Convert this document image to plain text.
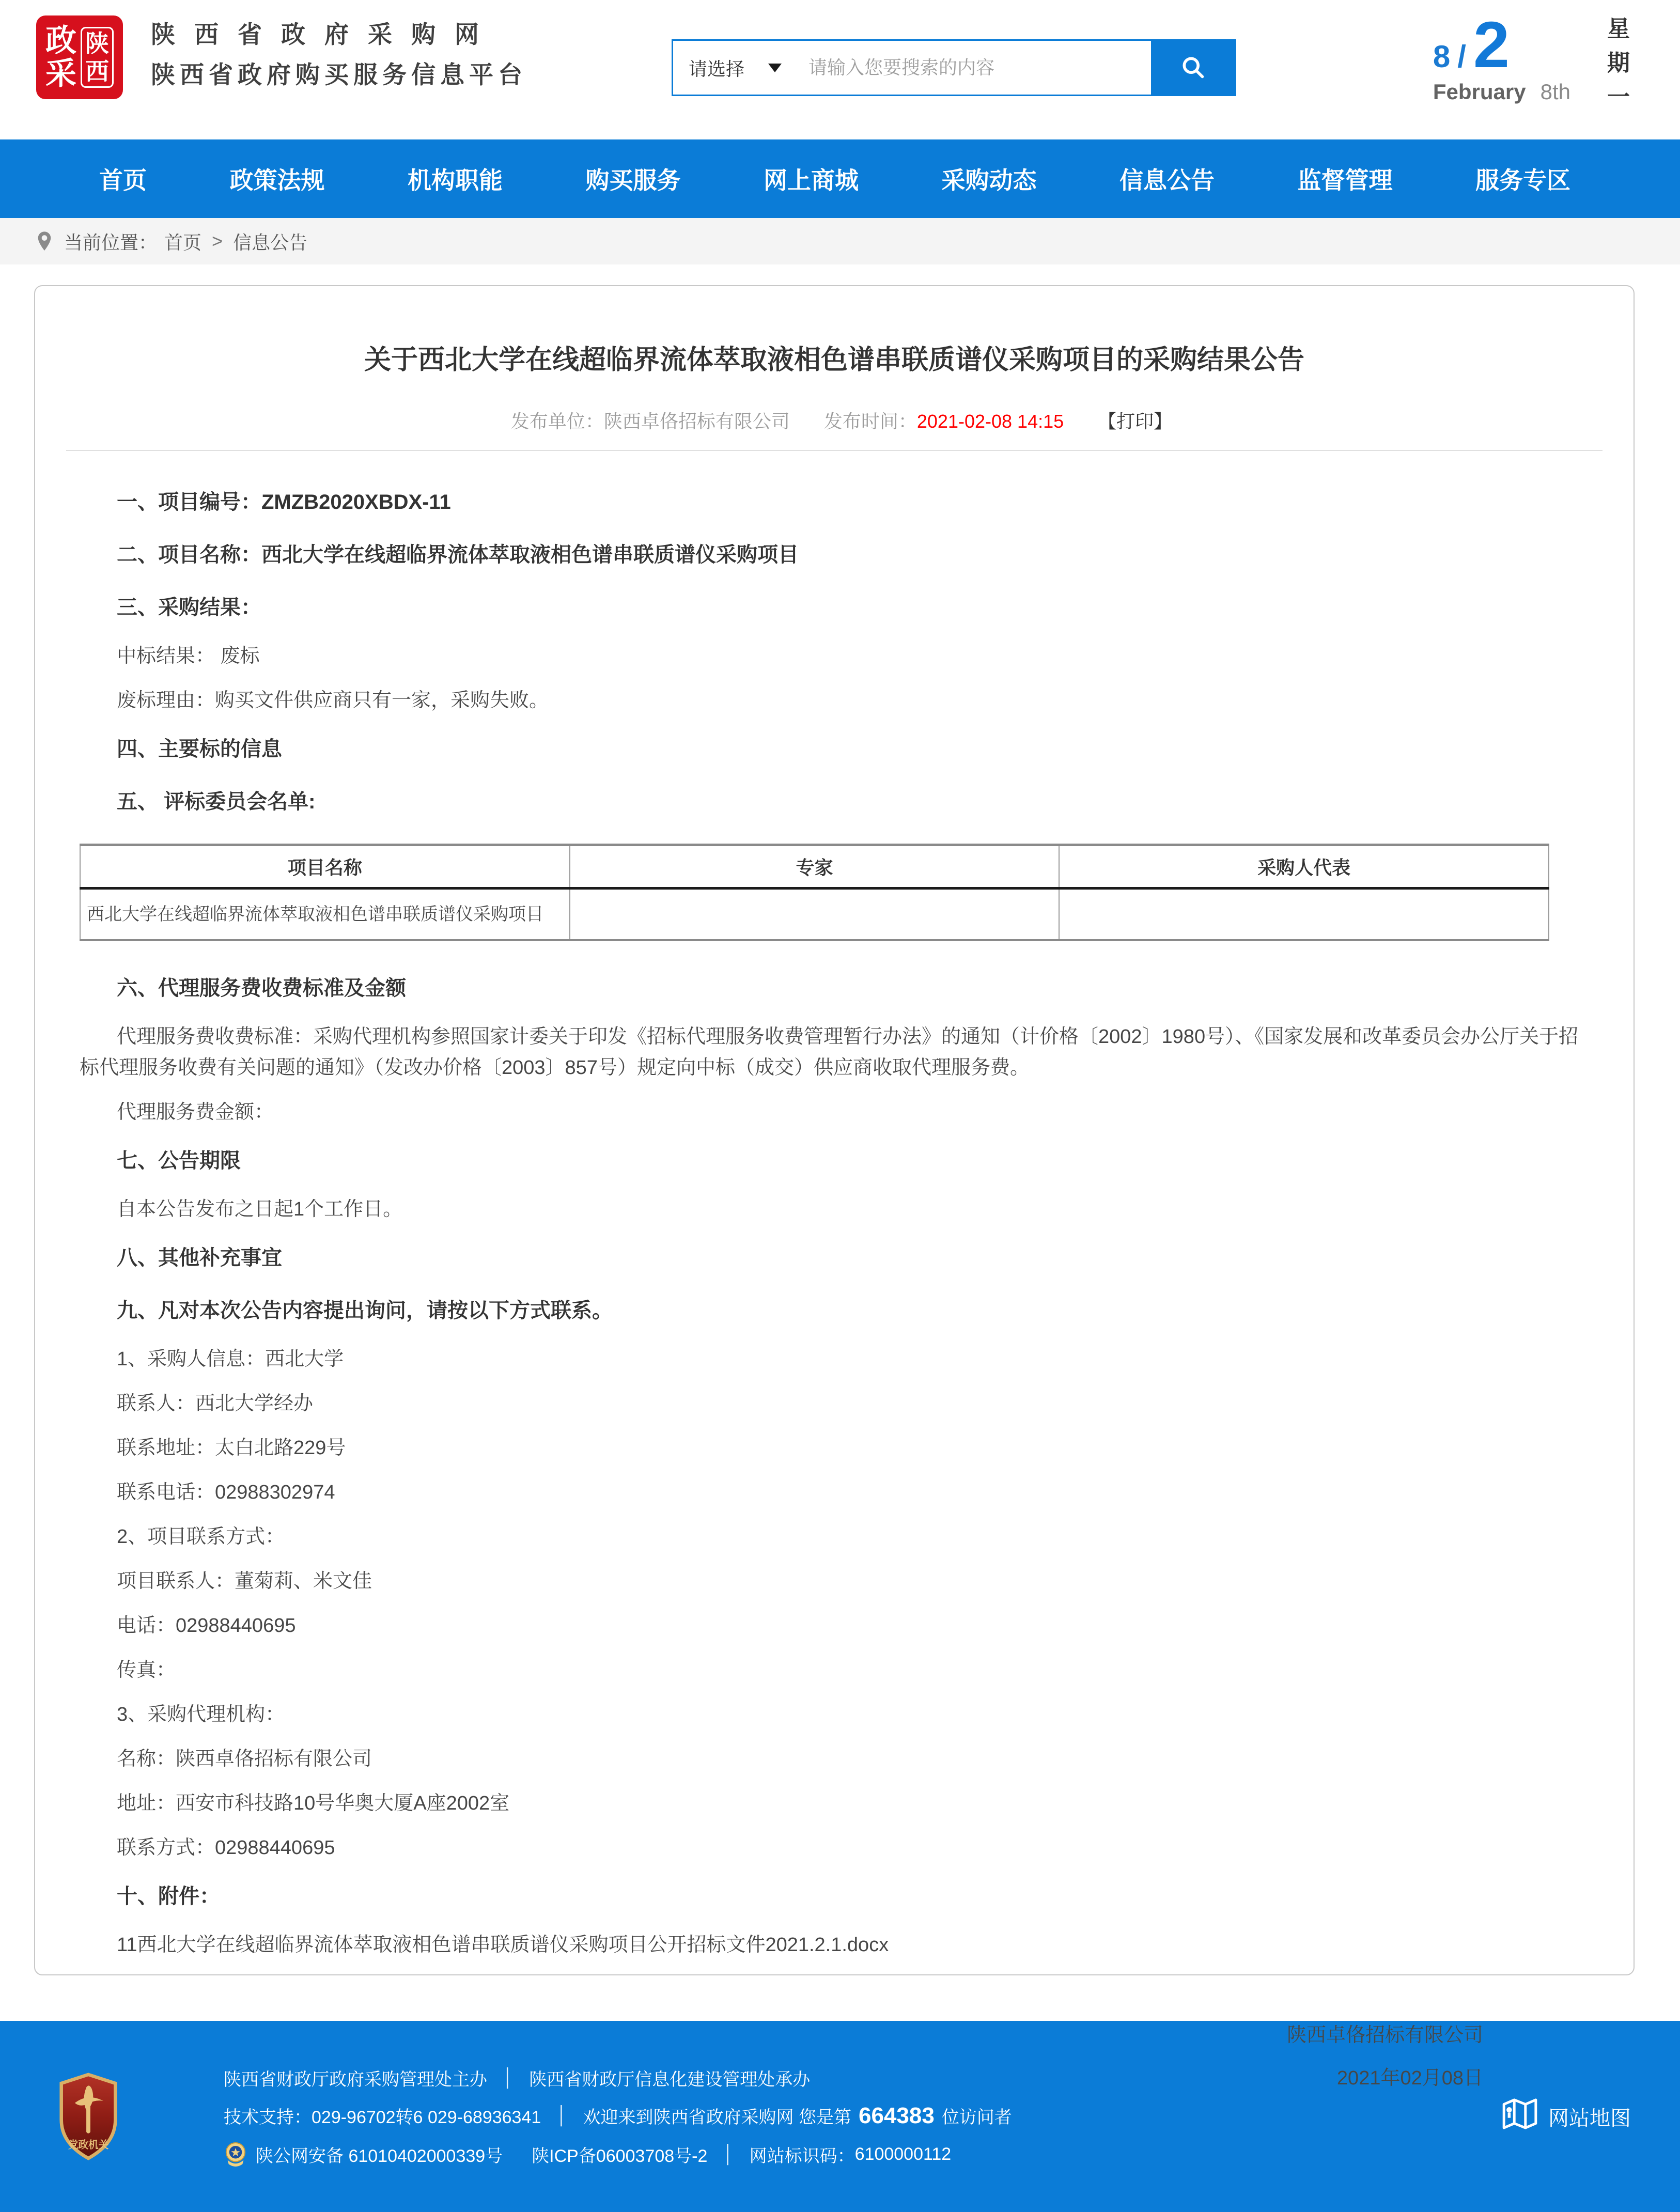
政
采
陕
西
陕西省政府采购网
陕西省政府购买服务信息平台	请选择
请输入您要搜索的内容	8 / 2
February 8th 星期一
首页	政策法规	机构职能	购买服务	网上商城	采购动态	信息公告	监督管理	服务专区
当前位置： 首页 > 信息公告
关于西北大学在线超临界流体萃取液相色谱串联质谱仪采购项目的采购结果公告
发布单位：陕西卓佫招标有限公司 发布时间：2021-02-08 14:15 【打印】

一、项目编号：ZMZB2020XBDX-11

二、项目名称：西北大学在线超临界流体萃取液相色谱串联质谱仪采购项目

三、采购结果：

中标结果： 废标

废标理由：购买文件供应商只有一家，采购失败。

四、主要标的信息

五、 评标委员会名单:

项目名称	专家	采购人代表
西北大学在线超临界流体萃取液相色谱串联质谱仪采购项目		

六、代理服务费收费标准及金额

代理服务费收费标准：采购代理机构参照国家计委关于印发《招标代理服务收费管理暂行办法》的通知（计价格〔2002〕1980号）、《国家发展和改革委员会办公厅关于招标代理服务收费有关问题的通知》（发改办价格〔2003〕857号）规定向中标（成交）供应商收取代理服务费。

代理服务费金额：

七、公告期限

自本公告发布之日起1个工作日。

八、其他补充事宜

九、凡对本次公告内容提出询问，请按以下方式联系。

1、采购人信息：西北大学

联系人：西北大学经办

联系地址：太白北路229号

联系电话：02988302974

2、项目联系方式：

项目联系人：董菊莉、米文佳

电话：02988440695

传真：

3、采购代理机构：

名称：陕西卓佫招标有限公司

地址：西安市科技路10号华奥大厦A座2002室

联系方式：02988440695

十、附件：

11西北大学在线超临界流体萃取液相色谱串联质谱仪采购项目公开招标文件2021.2.1.docx

陕西卓佫招标有限公司
2021年02月08日
党政机关
陕西省财政厅政府采购管理处主办 │ 陕西省财政厅信息化建设管理处承办
技术支持： 029-96702转6 029-68936341 │ 欢迎来到陕西省政府采购网 您是第 664383 位访问者
陕公网安备 61010402000339号 陕ICP备06003708号-2 │ 网站标识码： 6100000112
网站地图
